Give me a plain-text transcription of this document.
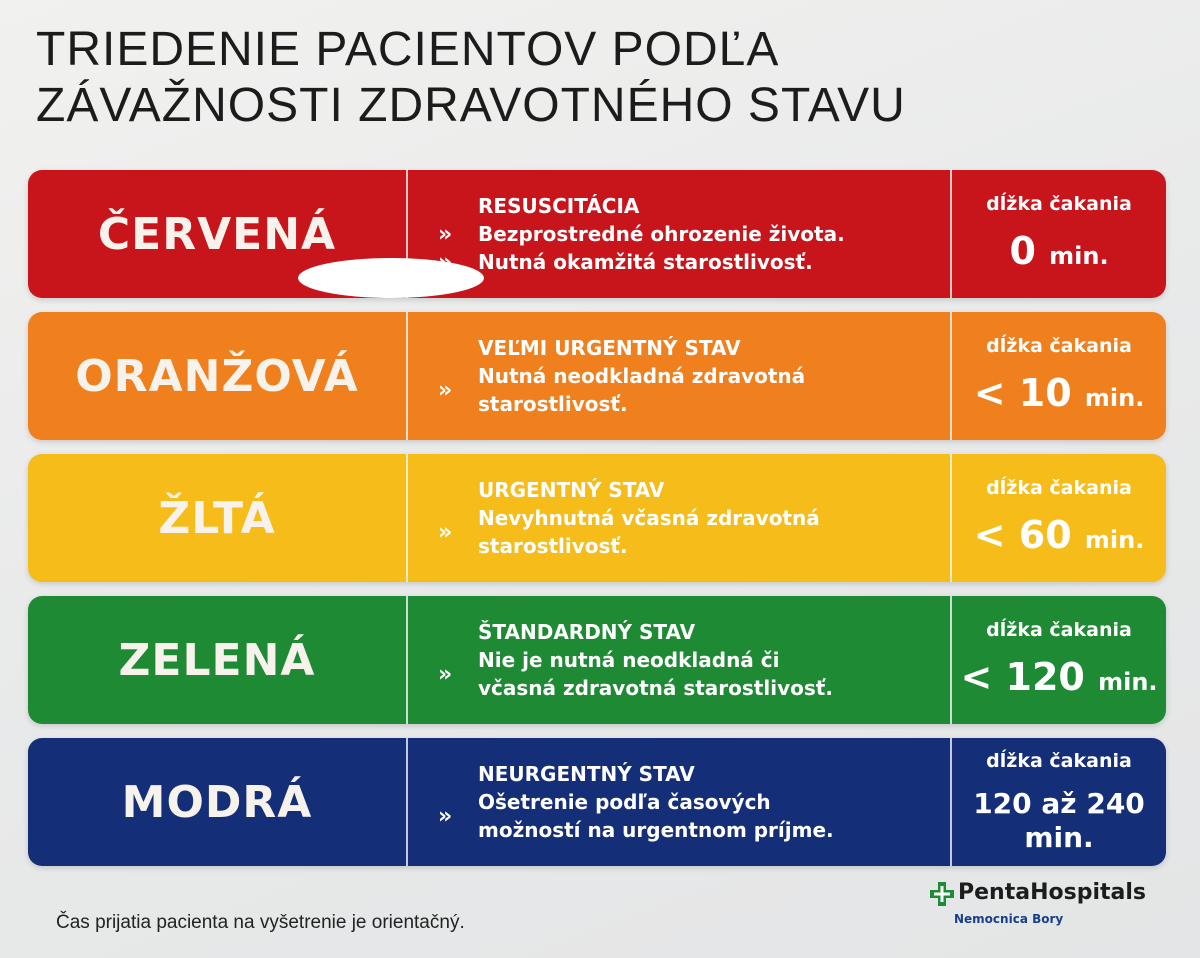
TRIEDENIE PACIENTOV PODĽA
ZÁVAŽNOSTI ZDRAVOTNÉHO STAVU
ČERVENÁ	»
RESUSCITÁCIA
Bezprostredné ohrozenie života.
Nutná okamžitá starostlivosť.
dĺžka čakania
0 min.
ORANŽOVÁ	»
VEĽMI URGENTNÝ STAV
Nutná neodkladná zdravotná
starostlivosť.
dĺžka čakania
< 10 min.
ŽLTÁ	»
URGENTNÝ STAV
Nevyhnutná včasná zdravotná
starostlivosť.
dĺžka čakania
< 60 min.
ZELENÁ	»
ŠTANDARDNÝ STAV
Nie je nutná neodkladná či
včasná zdravotná starostlivosť.
dĺžka čakania
< 120 min.
MODRÁ	»
NEURGENTNÝ STAV
Ošetrenie podľa časových
možností na urgentnom príjme.
dĺžka čakania
120 až 240
min.

Čas prijatia pacienta na vyšetrenie je orientačný.

PentaHospitals
Nemocnica Bory
